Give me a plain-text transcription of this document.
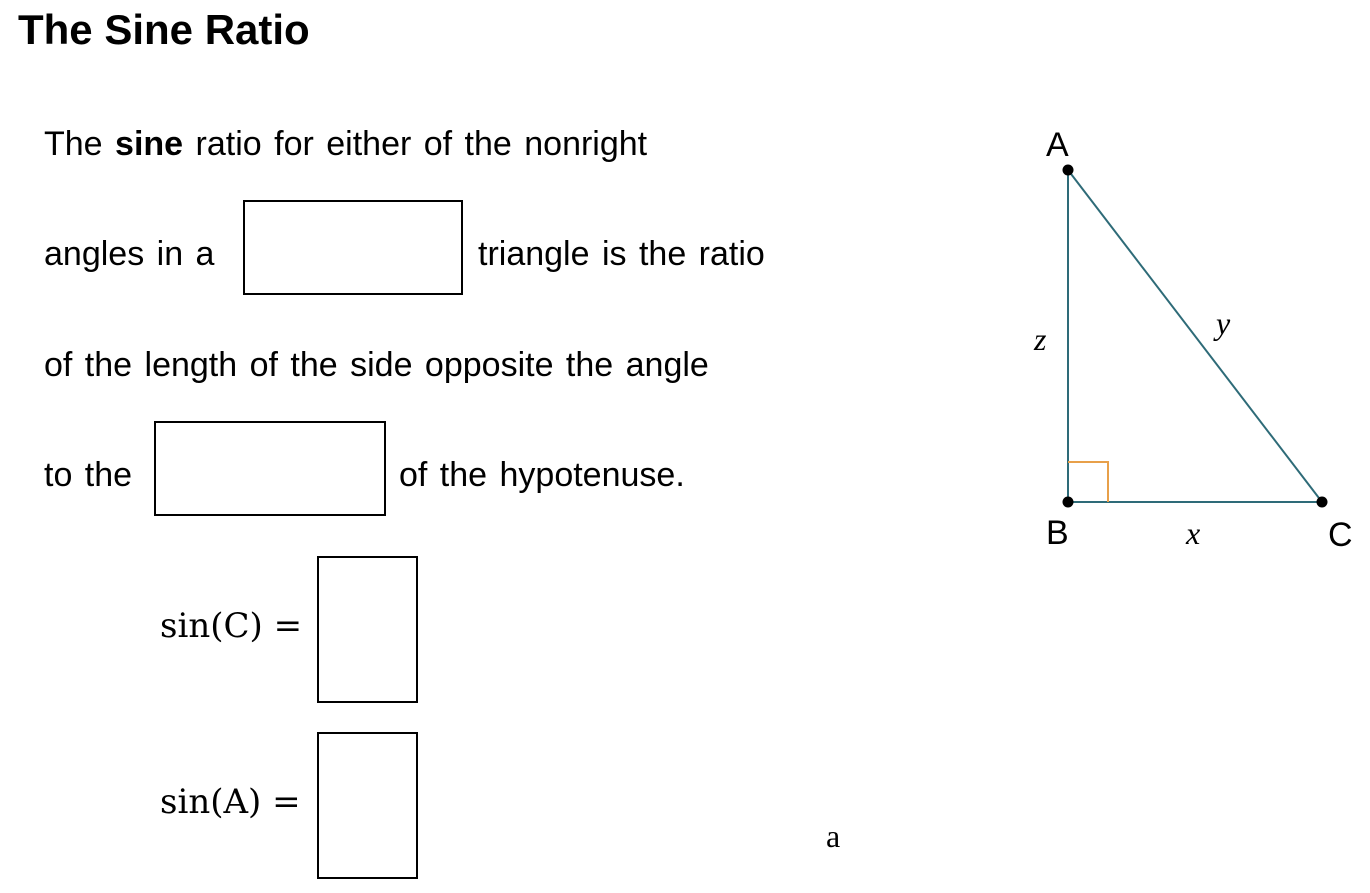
The Sine Ratio
The sine ratio for either of the nonright
angles in a	triangle is the ratio
of the length of the side opposite the angle
to the	of the hypotenuse.
sin(C) =
sin(A) =
a
A
B	C
z	y
x
